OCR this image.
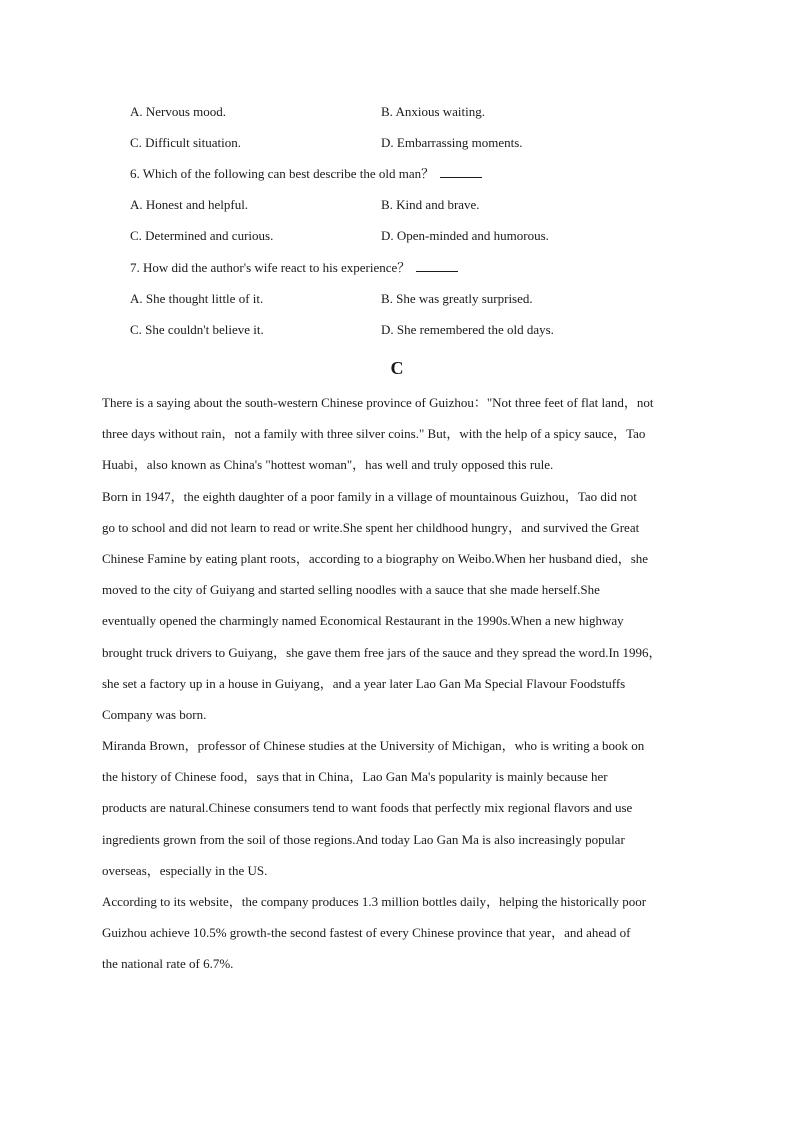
A. Nervous mood.	B. Anxious waiting.
C. Difficult situation.	D. Embarrassing moments.
6. Which of the following can best describe the old man？
A. Honest and helpful.	B. Kind and brave.
C. Determined and curious.	D. Open-minded and humorous.
7. How did the author's wife react to his experience？
A. She thought little of it.	B. She was greatly surprised.
C. She couldn't believe it.	D. She remembered the old days.
C
There is a saying about the south-western Chinese province of Guizhou："Not three feet of flat land，not
three days without rain，not a family with three silver coins." But，with the help of a spicy sauce，Tao
Huabi，also known as China's "hottest woman"，has well and truly opposed this rule.
Born in 1947，the eighth daughter of a poor family in a village of mountainous Guizhou，Tao did not
go to school and did not learn to read or write.She spent her childhood hungry，and survived the Great
Chinese Famine by eating plant roots，according to a biography on Weibo.When her husband died，she
moved to the city of Guiyang and started selling noodles with a sauce that she made herself.She
eventually opened the charmingly named Economical Restaurant in the 1990s.When a new highway
brought truck drivers to Guiyang，she gave them free jars of the sauce and they spread the word.In 1996，
she set a factory up in a house in Guiyang，and a year later Lao Gan Ma Special Flavour Foodstuffs
Company was born.
Miranda Brown，professor of Chinese studies at the University of Michigan，who is writing a book on
the history of Chinese food，says that in China，Lao Gan Ma's popularity is mainly because her
products are natural.Chinese consumers tend to want foods that perfectly mix regional flavors and use
ingredients grown from the soil of those regions.And today Lao Gan Ma is also increasingly popular
overseas，especially in the US.
According to its website，the company produces 1.3 million bottles daily，helping the historically poor
Guizhou achieve 10.5% growth-the second fastest of every Chinese province that year，and ahead of
the national rate of 6.7%.
